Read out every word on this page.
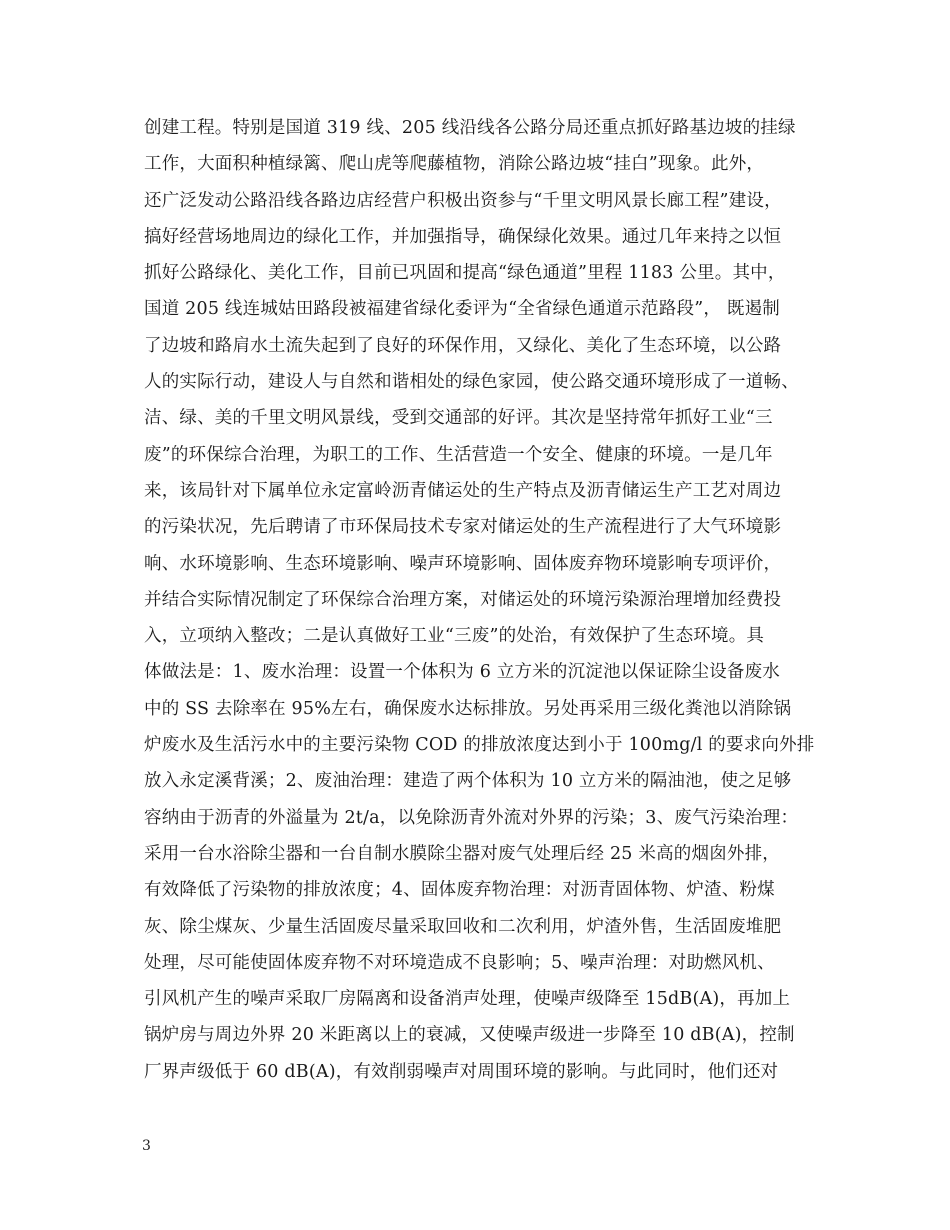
创建工程。特别是国道 319 线、205 线沿线各公路分局还重点抓好路基边坡的挂绿
工作，大面积种植绿篱、爬山虎等爬藤植物，消除公路边坡“挂白”现象。此外，
还广泛发动公路沿线各路边店经营户积极出资参与“千里文明风景长廊工程”建设，
搞好经营场地周边的绿化工作，并加强指导，确保绿化效果。通过几年来持之以恒
抓好公路绿化、美化工作，目前已巩固和提高“绿色通道”里程 1183 公里。其中，
国道 205 线连城姑田路段被福建省绿化委评为“全省绿色通道示范路段”， 既遏制
了边坡和路肩水土流失起到了良好的环保作用，又绿化、美化了生态环境，以公路
人的实际行动，建设人与自然和谐相处的绿色家园，使公路交通环境形成了一道畅、
洁、绿、美的千里文明风景线，受到交通部的好评。其次是坚持常年抓好工业“三
废”的环保综合治理，为职工的工作、生活营造一个安全、健康的环境。一是几年
来，该局针对下属单位永定富岭沥青储运处的生产特点及沥青储运生产工艺对周边
的污染状况，先后聘请了市环保局技术专家对储运处的生产流程进行了大气环境影
响、水环境影响、生态环境影响、噪声环境影响、固体废弃物环境影响专项评价，
并结合实际情况制定了环保综合治理方案，对储运处的环境污染源治理增加经费投
入，立项纳入整改；二是认真做好工业“三废”的处治，有效保护了生态环境。具
体做法是：1、废水治理：设置一个体积为 6 立方米的沉淀池以保证除尘设备废水
中的 SS 去除率在 95%左右，确保废水达标排放。另处再采用三级化粪池以消除锅
炉废水及生活污水中的主要污染物 COD 的排放浓度达到小于 100mg/l 的要求向外排
放入永定溪背溪；2、废油治理：建造了两个体积为 10 立方米的隔油池，使之足够
容纳由于沥青的外溢量为 2t/a，以免除沥青外流对外界的污染；3、废气污染治理：
采用一台水浴除尘器和一台自制水膜除尘器对废气处理后经 25 米高的烟囱外排，
有效降低了污染物的排放浓度；4、固体废弃物治理：对沥青固体物、炉渣、粉煤
灰、除尘煤灰、少量生活固废尽量采取回收和二次利用，炉渣外售，生活固废堆肥
处理，尽可能使固体废弃物不对环境造成不良影响；5、噪声治理：对助燃风机、
引风机产生的噪声采取厂房隔离和设备消声处理，使噪声级降至 15dB(A)，再加上
锅炉房与周边外界 20 米距离以上的衰减，又使噪声级进一步降至 10 dB(A)，控制
厂界声级低于 60 dB(A)，有效削弱噪声对周围环境的影响。与此同时，他们还对
3
